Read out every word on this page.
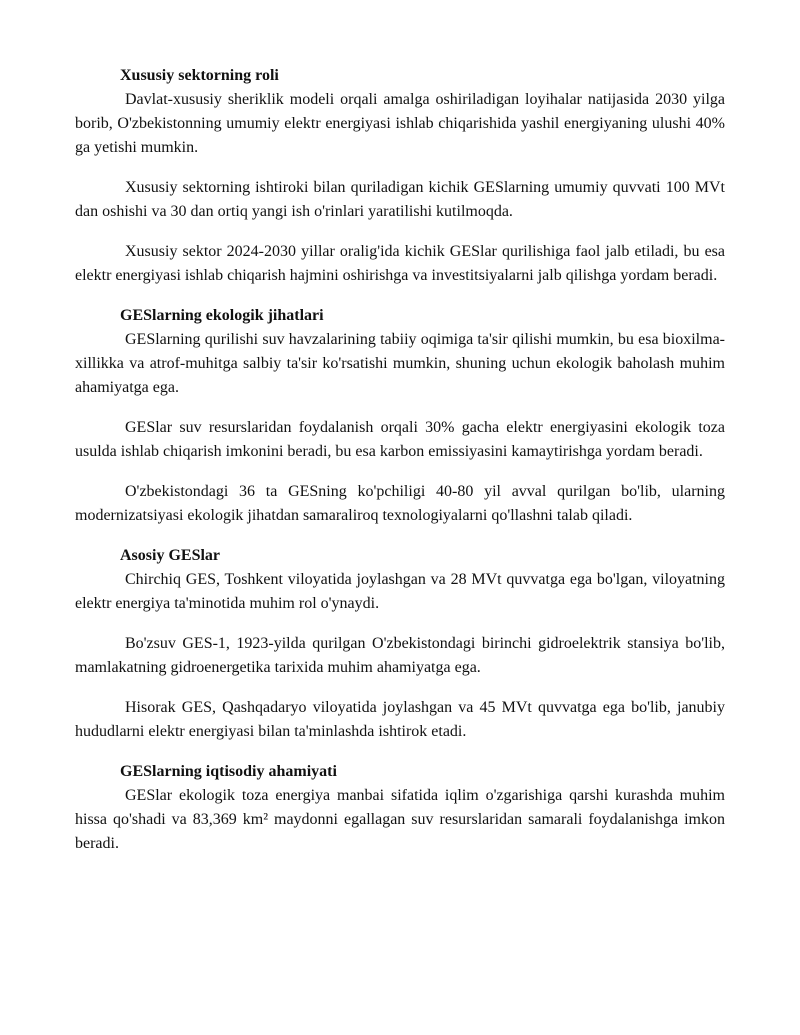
Xususiy sektorning roli

Davlat-xususiy sheriklik modeli orqali amalga oshiriladigan loyihalar natijasida 2030 yilga borib, O'zbekistonning umumiy elektr energiyasi ishlab chiqarishida yashil energiyaning ulushi 40% ga yetishi mumkin.

Xususiy sektorning ishtiroki bilan quriladigan kichik GESlarning umumiy quvvati 100 MVt dan oshishi va 30 dan ortiq yangi ish o'rinlari yaratilishi kutilmoqda.

Xususiy sektor 2024-2030 yillar oralig'ida kichik GESlar qurilishiga faol jalb etiladi, bu esa elektr energiyasi ishlab chiqarish hajmini oshirishga va investitsiyalarni jalb qilishga yordam beradi.

GESlarning ekologik jihatlari

GESlarning qurilishi suv havzalarining tabiiy oqimiga ta'sir qilishi mumkin, bu esa bioxilma-xillikka va atrof-muhitga salbiy ta'sir ko'rsatishi mumkin, shuning uchun ekologik baholash muhim ahamiyatga ega.

GESlar suv resurslaridan foydalanish orqali 30% gacha elektr energiyasini ekologik toza usulda ishlab chiqarish imkonini beradi, bu esa karbon emissiyasini kamaytirishga yordam beradi.

O'zbekistondagi 36 ta GESning ko'pchiligi 40-80 yil avval qurilgan bo'lib, ularning modernizatsiyasi ekologik jihatdan samaraliroq texnologiyalarni qo'llashni talab qiladi.

Asosiy GESlar

Chirchiq GES, Toshkent viloyatida joylashgan va 28 MVt quvvatga ega bo'lgan, viloyatning elektr energiya ta'minotida muhim rol o'ynaydi.

Bo'zsuv GES-1, 1923-yilda qurilgan O'zbekistondagi birinchi gidroelektrik stansiya bo'lib, mamlakatning gidroenergetika tarixida muhim ahamiyatga ega.

Hisorak GES, Qashqadaryo viloyatida joylashgan va 45 MVt quvvatga ega bo'lib, janubiy hududlarni elektr energiyasi bilan ta'minlashda ishtirok etadi.

GESlarning iqtisodiy ahamiyati

GESlar ekologik toza energiya manbai sifatida iqlim o'zgarishiga qarshi kurashda muhim hissa qo'shadi va 83,369 km² maydonni egallagan suv resurslaridan samarali foydalanishga imkon beradi.
